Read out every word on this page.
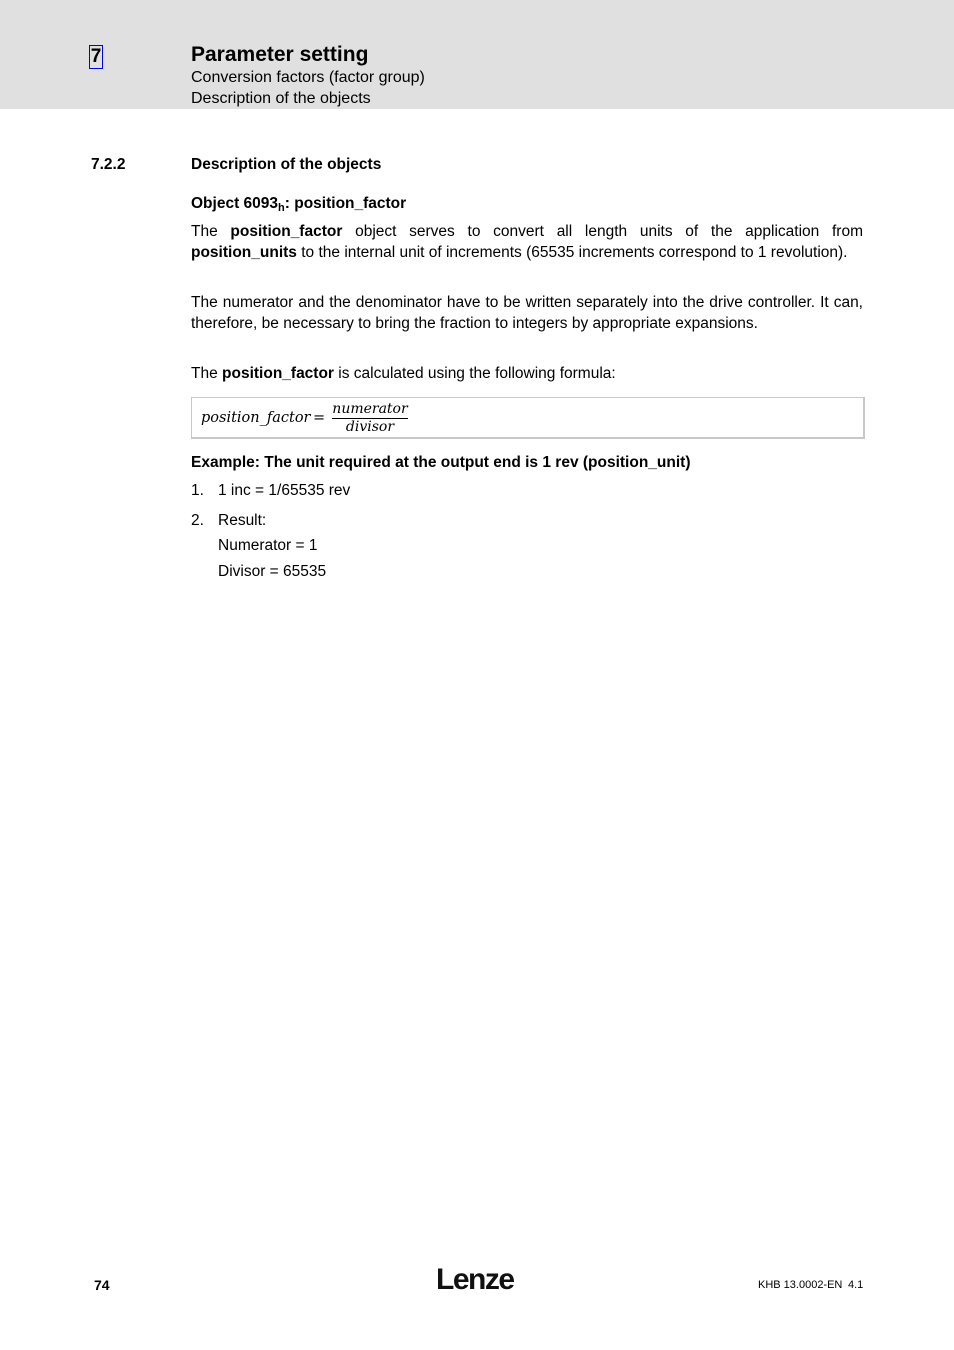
7	Parameter setting
Conversion factors (factor group)
Description of the objects
7.2.2	Description of the objects
Object $6093_h$: position_factor

The position_factor object serves to convert all length units of the application from position_units to the internal unit of increments (65535 increments correspond to 1 revolution).

The numerator and the denominator have to be written separately into the drive controller. It can, therefore, be necessary to bring the fraction to integers by appropriate expansions.

The position_factor is calculated using the following formula:

position_factor =
numerator
divisor
Example: The unit required at the output end is 1 rev (position_unit)
1. 1 inc = 1/65535 rev
2. Result:
Numerator = 1
Divisor = 65535
74	Lenze	KHB 13.0002-EN 4.1
